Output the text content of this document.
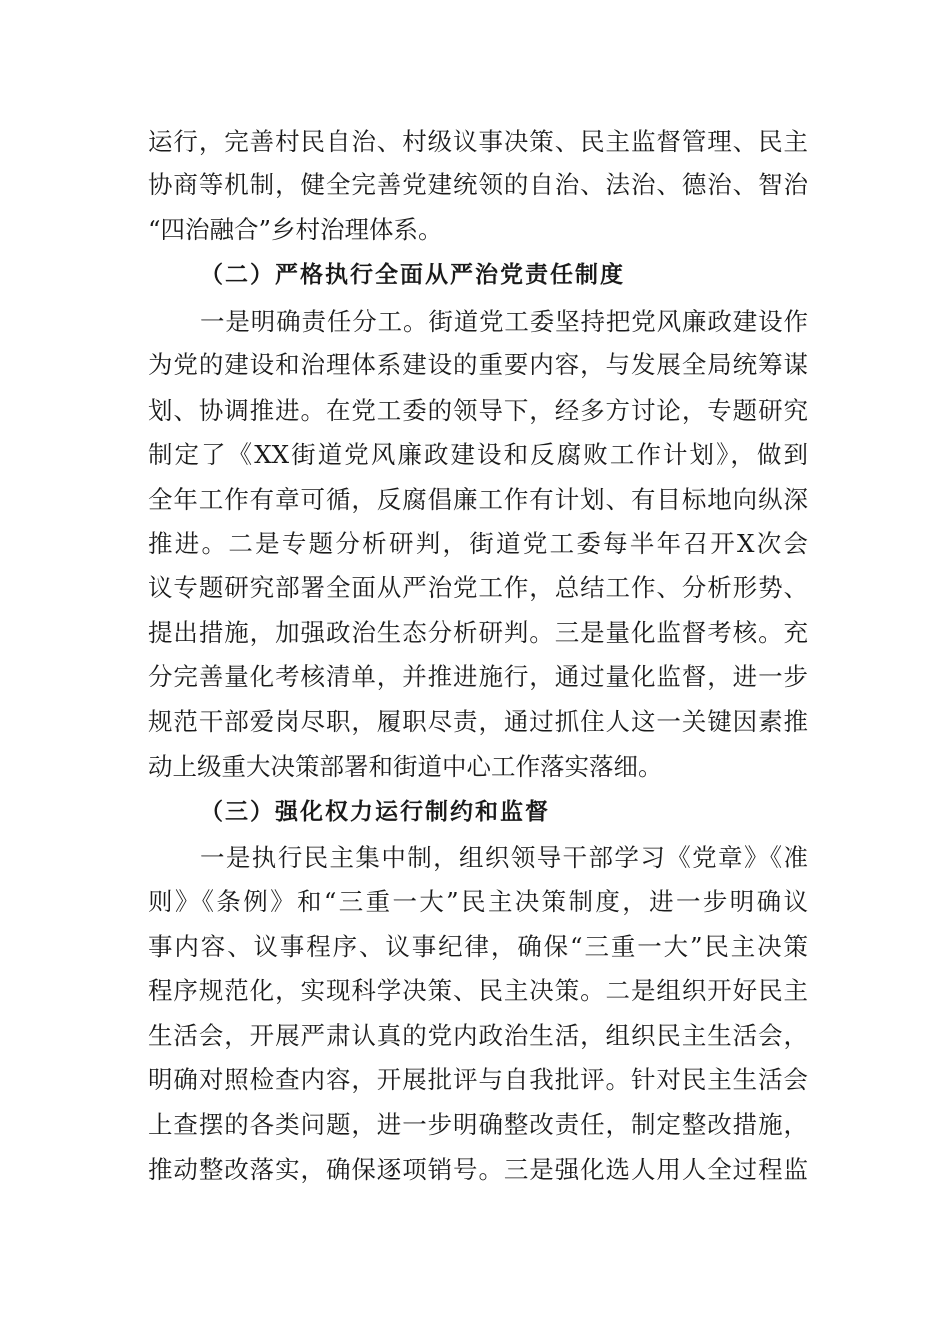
运行，完善村民自治、村级议事决策、民主监督管理、民主
协商等机制，健全完善党建统领的自治、法治、德治、智治
“四治融合”乡村治理体系。
（二）严格执行全面从严治党责任制度
一是明确责任分工。街道党工委坚持把党风廉政建设作
为党的建设和治理体系建设的重要内容，与发展全局统筹谋
划、协调推进。在党工委的领导下，经多方讨论，专题研究
制定了《XX街道党风廉政建设和反腐败工作计划》，做到
全年工作有章可循，反腐倡廉工作有计划、有目标地向纵深
推进。二是专题分析研判，街道党工委每半年召开X次会
议专题研究部署全面从严治党工作，总结工作、分析形势、
提出措施，加强政治生态分析研判。三是量化监督考核。充
分完善量化考核清单，并推进施行，通过量化监督，进一步
规范干部爱岗尽职，履职尽责，通过抓住人这一关键因素推
动上级重大决策部署和街道中心工作落实落细。
（三）强化权力运行制约和监督
一是执行民主集中制，组织领导干部学习《党章》《准
则》《条例》和“三重一大”民主决策制度，进一步明确议
事内容、议事程序、议事纪律，确保“三重一大”民主决策
程序规范化，实现科学决策、民主决策。二是组织开好民主
生活会，开展严肃认真的党内政治生活，组织民主生活会，
明确对照检查内容，开展批评与自我批评。针对民主生活会
上查摆的各类问题，进一步明确整改责任，制定整改措施，
推动整改落实，确保逐项销号。三是强化选人用人全过程监
